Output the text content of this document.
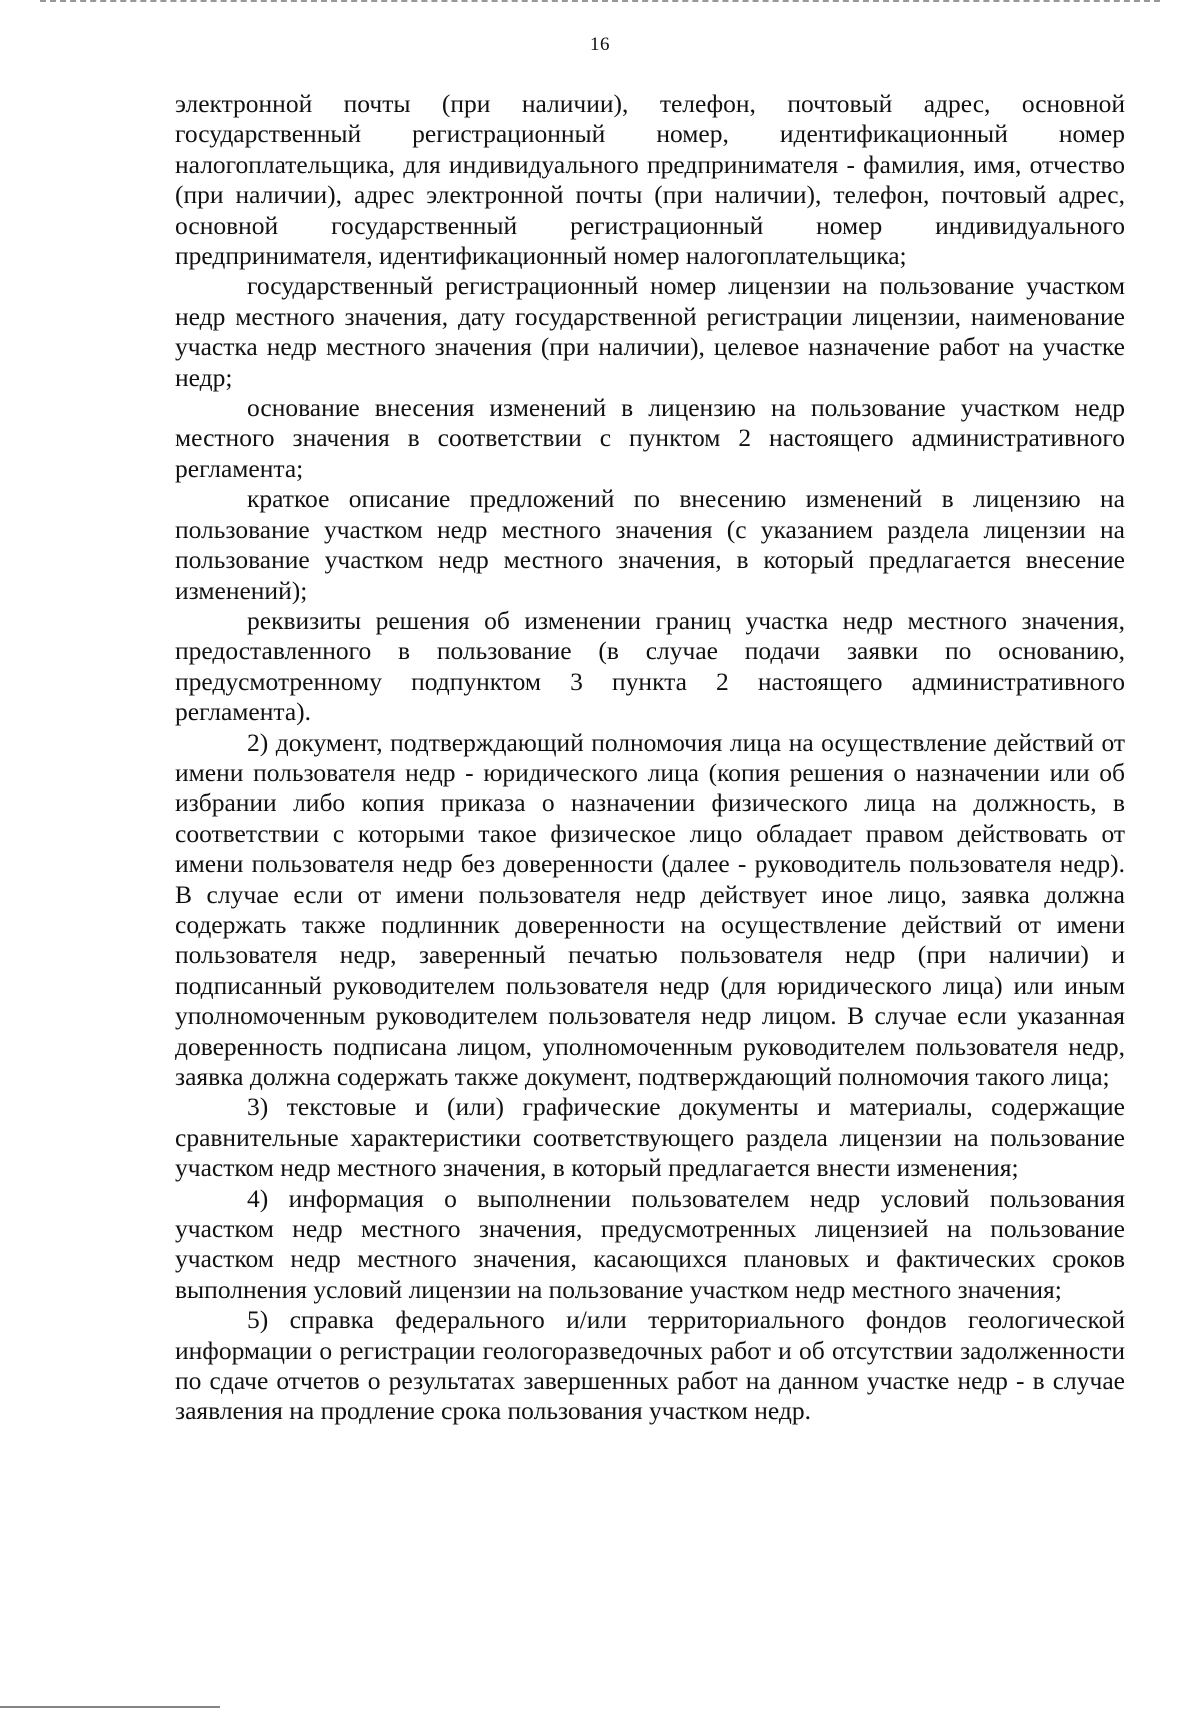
16

электронной почты (при наличии), телефон, почтовый адрес, основной государственный регистрационный номер, идентификационный номер налогоплательщика, для индивидуального предпринимателя - фамилия, имя, отчество (при наличии), адрес электронной почты (при наличии), телефон, почтовый адрес, основной государственный регистрационный номер индивидуального предпринимателя, идентификационный номер налогоплательщика;

государственный регистрационный номер лицензии на пользование участком недр местного значения, дату государственной регистрации лицензии, наименование участка недр местного значения (при наличии), целевое назначение работ на участке недр;

основание внесения изменений в лицензию на пользование участком недр местного значения в соответствии с пунктом 2 настоящего административного регламента;

краткое описание предложений по внесению изменений в лицензию на пользование участком недр местного значения (с указанием раздела лицензии на пользование участком недр местного значения, в который предлагается внесение изменений);

реквизиты решения об изменении границ участка недр местного значения, предоставленного в пользование (в случае подачи заявки по основанию, предусмотренному подпунктом 3 пункта 2 настоящего административного регламента).

2) документ, подтверждающий полномочия лица на осуществление действий от имени пользователя недр - юридического лица (копия решения о назначении или об избрании либо копия приказа о назначении физического лица на должность, в соответствии с которыми такое физическое лицо обладает правом действовать от имени пользователя недр без доверенности (далее - руководитель пользователя недр). В случае если от имени пользователя недр действует иное лицо, заявка должна содержать также подлинник доверенности на осуществление действий от имени пользователя недр, заверенный печатью пользователя недр (при наличии) и подписанный руководителем пользователя недр (для юридического лица) или иным уполномоченным руководителем пользователя недр лицом. В случае если указанная доверенность подписана лицом, уполномоченным руководителем пользователя недр, заявка должна содержать также документ, подтверждающий полномочия такого лица;

3) текстовые и (или) графические документы и материалы, содержащие сравнительные характеристики соответствующего раздела лицензии на пользование участком недр местного значения, в который предлагается внести изменения;

4) информация о выполнении пользователем недр условий пользования участком недр местного значения, предусмотренных лицензией на пользование участком недр местного значения, касающихся плановых и фактических сроков выполнения условий лицензии на пользование участком недр местного значения;

5) справка федерального и/или территориального фондов геологической информации о регистрации геологоразведочных работ и об отсутствии задолженности по сдаче отчетов о результатах завершенных работ на данном участке недр - в случае заявления на продление срока пользования участком недр.
